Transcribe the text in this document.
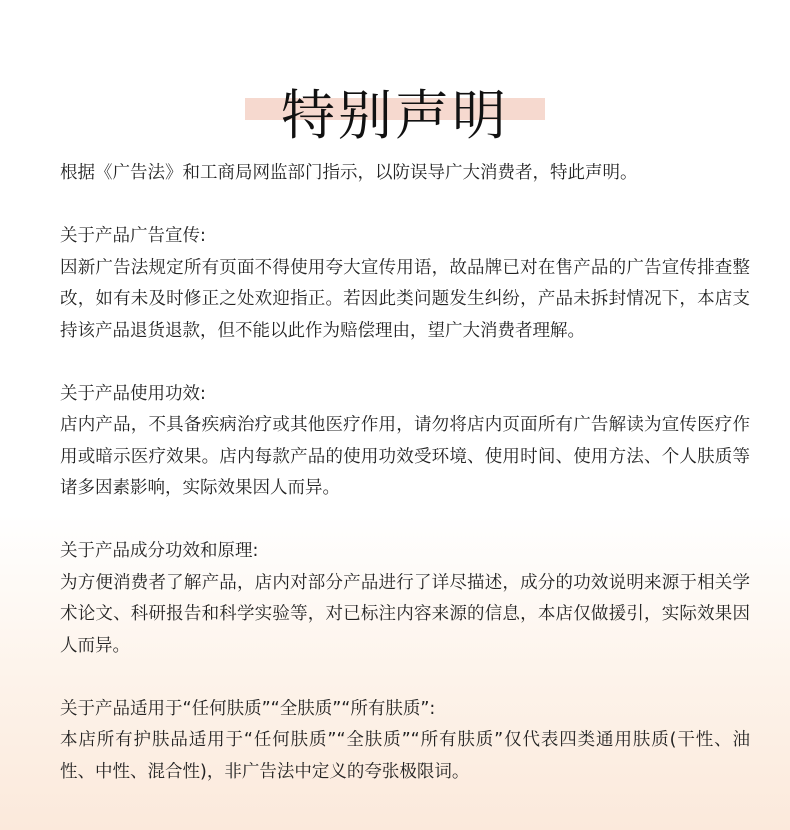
特别声明

根据《广告法》和工商局网监部门指示，以防误导广大消费者，特此声明。

关于产品广告宣传:

因新广告法规定所有页面不得使用夸大宣传用语，故品牌已对在售产品的广告宣传排查整改，如有未及时修正之处欢迎指正。若因此类问题发生纠纷，产品未拆封情况下，本店支持该产品退货退款，但不能以此作为赔偿理由，望广大消费者理解。

关于产品使用功效:

店内产品，不具备疾病治疗或其他医疗作用，请勿将店内页面所有广告解读为宣传医疗作用或暗示医疗效果。店内每款产品的使用功效受环境、使用时间、使用方法、个人肤质等诸多因素影响，实际效果因人而异。

关于产品成分功效和原理:

为方便消费者了解产品，店内对部分产品进行了详尽描述，成分的功效说明来源于相关学术论文、科研报告和科学实验等，对已标注内容来源的信息，本店仅做援引，实际效果因人而异。

关于产品适用于“任何肤质”“全肤质”“所有肤质”:

本店所有护肤品适用于“任何肤质”“全肤质”“所有肤质”仅代表四类通用肤质(干性、油性、中性、混合性)，非广告法中定义的夸张极限词。
